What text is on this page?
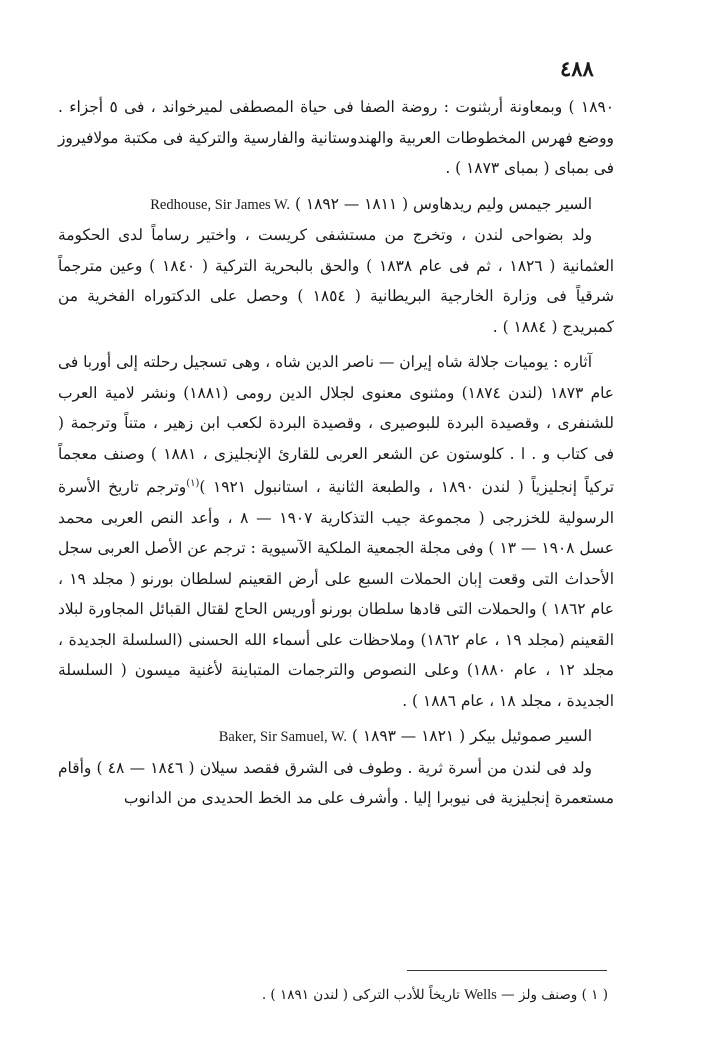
٤٨٨

١٨٩٠ ) وبمعاونة أربثنوت : روضة الصفا فى حياة المصطفى لميرخواند ، فى ٥ أجزاء . ووضع فهرس المخطوطات العربية والهندوستانية والفارسية والتركية فى مكتبة مولافيروز فى بمباى ( بمباى ١٨٧٣ ) .

السير جيمس وليم ريدهاوس ( ١٨١١ — ١٨٩٢ ) Redhouse, Sir James W.

ولد بضواحى لندن ، وتخرج من مستشفى كريست ، واختير رساماً لدى الحكومة العثمانية ( ١٨٢٦ ، ثم فى عام ١٨٣٨ ) والحق بالبحرية التركية ( ١٨٤٠ ) وعين مترجماً شرقياً فى وزارة الخارجية البريطانية ( ١٨٥٤ ) وحصل على الدكتوراه الفخرية من كمبريدج ( ١٨٨٤ ) .

آثاره : يوميات جلالة شاه إيران — ناصر الدين شاه ، وهى تسجيل رحلته إلى أوربا فى عام ١٨٧٣ (لندن ١٨٧٤) ومثنوى معنوى لجلال الدين رومى (١٨٨١) ونشر لامية العرب للشنفرى ، وقصيدة البردة للبوصيرى ، وقصيدة البردة لكعب ابن زهير ، متناً وترجمة ( فى كتاب و . ا . كلوستون عن الشعر العربى للقارئ الإنجليزى ، ١٨٨١ ) وصنف معجماً تركياً إنجليزياً ( لندن ١٨٩٠ ، والطبعة الثانية ، استانبول ١٩٢١ )$^{(١)}$وترجم تاريخ الأسرة الرسولية للخزرجى ( مجموعة جيب التذكارية ١٩٠٧ — ٨ ، وأعد النص العربى محمد عسل ١٩٠٨ — ١٣ ) وفى مجلة الجمعية الملكية الآسيوية : ترجم عن الأصل العربى سجل الأحداث التى وقعت إبان الحملات السبع على أرض القعينم لسلطان بورنو ( مجلد ١٩ ، عام ١٨٦٢ ) والحملات التى قادها سلطان بورنو أوريس الحاج لقتال القبائل المجاورة لبلاد القعينم (مجلد ١٩ ، عام ١٨٦٢) وملاحظات على أسماء الله الحسنى (السلسلة الجديدة ، مجلد ١٢ ، عام ١٨٨٠) وعلى النصوص والترجمات المتباينة لأغنية ميسون ( السلسلة الجديدة ، مجلد ١٨ ، عام ١٨٨٦ ) .

السير صموئيل بيكر ( ١٨٢١ — ١٨٩٣ ) Baker, Sir Samuel, W.

ولد فى لندن من أسرة ثرية . وطوف فى الشرق فقصد سيلان ( ١٨٤٦ — ٤٨ ) وأقام مستعمرة إنجليزية فى نيوبرا إليا . وأشرف على مد الخط الحديدى من الدانوب

( ١ ) وصنف ولز — Wells تاريخاً للأدب التركى ( لندن ١٨٩١ ) .
